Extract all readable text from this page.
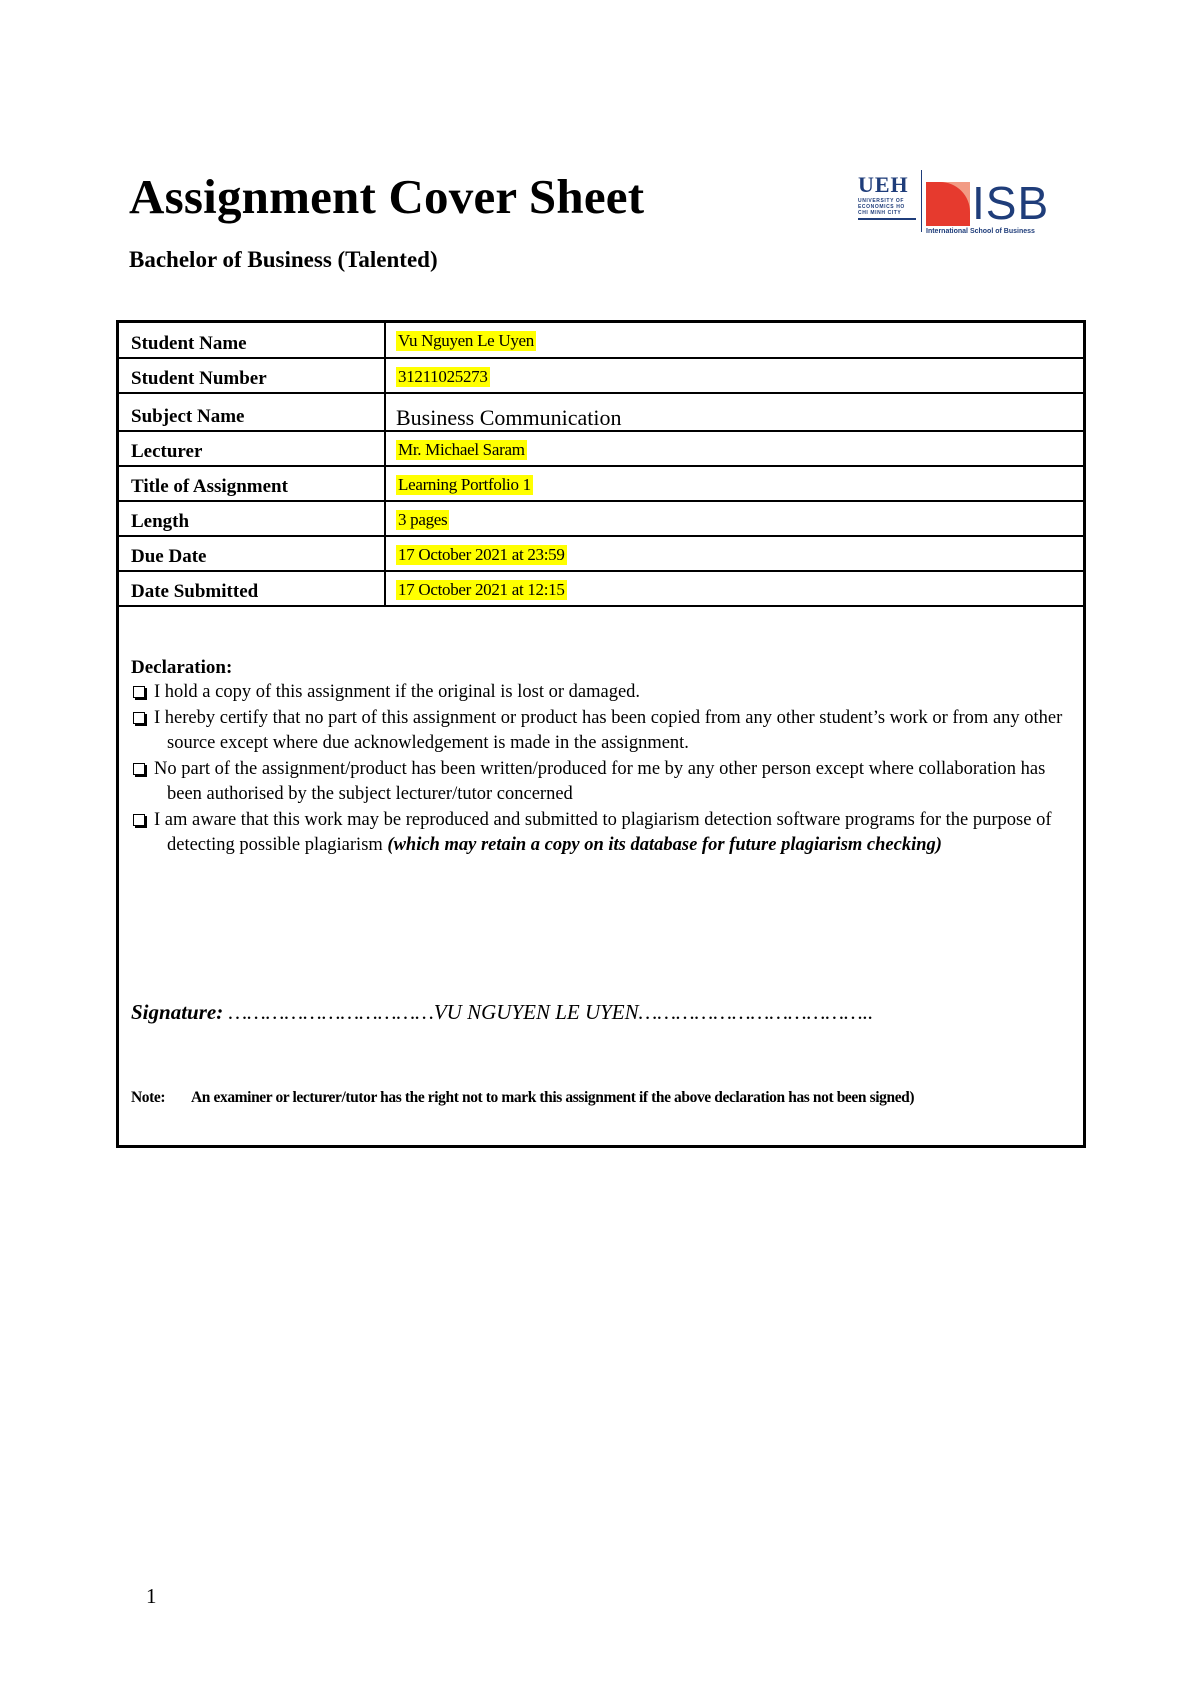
Assignment Cover Sheet
Bachelor of Business (Talented)
UEH
UNIVERSITY OF ECONOMICS HO CHI MINH CITY ISB
International School of Business
Student Name	Vu Nguyen Le Uyen

Student Number	31211025273

Subject Name	Business Communication

Lecturer	Mr. Michael Saram

Title of Assignment	Learning Portfolio 1

Length	3 pages

Due Date	17 October 2021 at 23:59

Date Submitted	17 October 2021 at 12:15

Declaration:

I hold a copy of this assignment if the original is lost or damaged.

I hereby certify that no part of this assignment or product has been copied from any other student’s work or from any other source except where due acknowledgement is made in the assignment.

No part of the assignment/product has been written/produced for me by any other person except where collaboration has been authorised by the subject lecturer/tutor concerned

I am aware that this work may be reproduced and submitted to plagiarism detection software programs for the purpose of detecting possible plagiarism (which may retain a copy on its database for future plagiarism checking)

Signature: ……………………………VU NGUYEN LE UYEN………………………………..
Note: An examiner or lecturer/tutor has the right not to mark this assignment if the above declaration has not been signed)
1
